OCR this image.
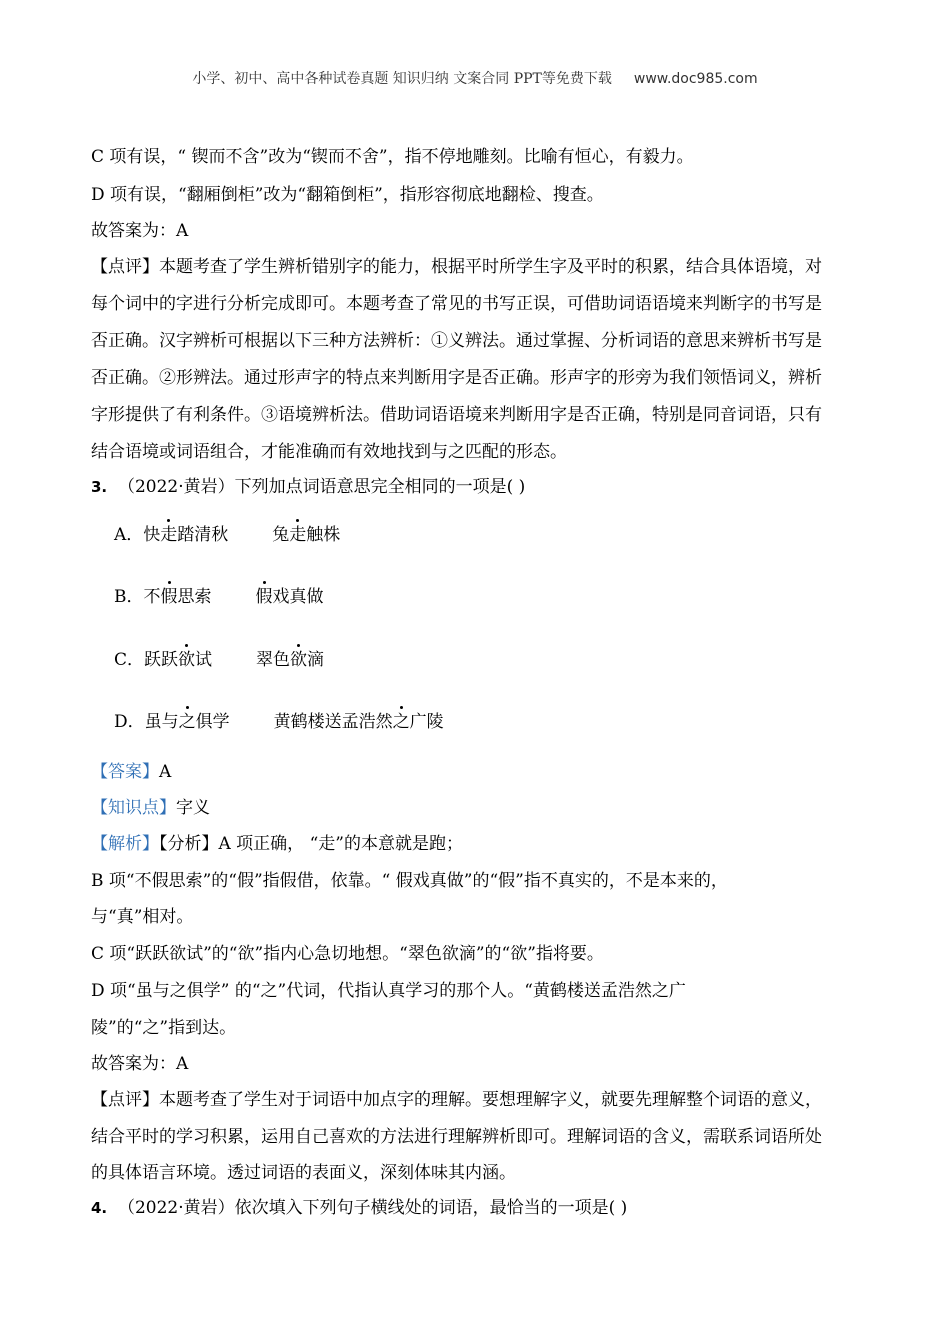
小学、初中、高中各种试卷真题 知识归纳 文案合同 PPT等免费下载 www.doc985.com
C 项有误，“ 锲而不含”改为“锲而不舍”，指不停地雕刻。比喻有恒心，有毅力。
D 项有误，“翻厢倒柜”改为“翻箱倒柜”，指形容彻底地翻检、搜查。
故答案为：A
【点评】本题考查了学生辨析错别字的能力，根据平时所学生字及平时的积累，结合具体语境，对
每个词中的字进行分析完成即可。本题考查了常见的书写正误，可借助词语语境来判断字的书写是
否正确。汉字辨析可根据以下三种方法辨析：①义辨法。通过掌握、分析词语的意思来辨析书写是
否正确。②形辨法。通过形声字的特点来判断用字是否正确。形声字的形旁为我们领悟词义，辨析
字形提供了有利条件。③语境辨析法。借助词语语境来判断用字是否正确，特别是同音词语，只有
结合语境或词语组合，才能准确而有效地找到与之匹配的形态。
3. （2022·黄岩）下列加点词语意思完全相同的一项是( )
A．快走踏清秋	兔走触株
B．不假思索	假戏真做
C．跃跃欲试	翠色欲滴
D．虽与之俱学	黄鹤楼送孟浩然之广陵
【答案】A
【知识点】字义
【解析】【分析】A 项正确， “走”的本意就是跑；
B 项“不假思索”的“假”指假借，依靠。“ 假戏真做”的“假”指不真实的，不是本来的，
与“真”相对。
C 项“跃跃欲试”的“欲”指内心急切地想。“翠色欲滴”的“欲”指将要。
D 项“虽与之俱学” 的“之”代词，代指认真学习的那个人。“黄鹤楼送孟浩然之广
陵”的“之”指到达。
故答案为：A
【点评】本题考查了学生对于词语中加点字的理解。要想理解字义，就要先理解整个词语的意义，
结合平时的学习积累，运用自己喜欢的方法进行理解辨析即可。理解词语的含义，需联系词语所处
的具体语言环境。透过词语的表面义，深刻体味其内涵。
4. （2022·黄岩）依次填入下列句子横线处的词语，最恰当的一项是( )
